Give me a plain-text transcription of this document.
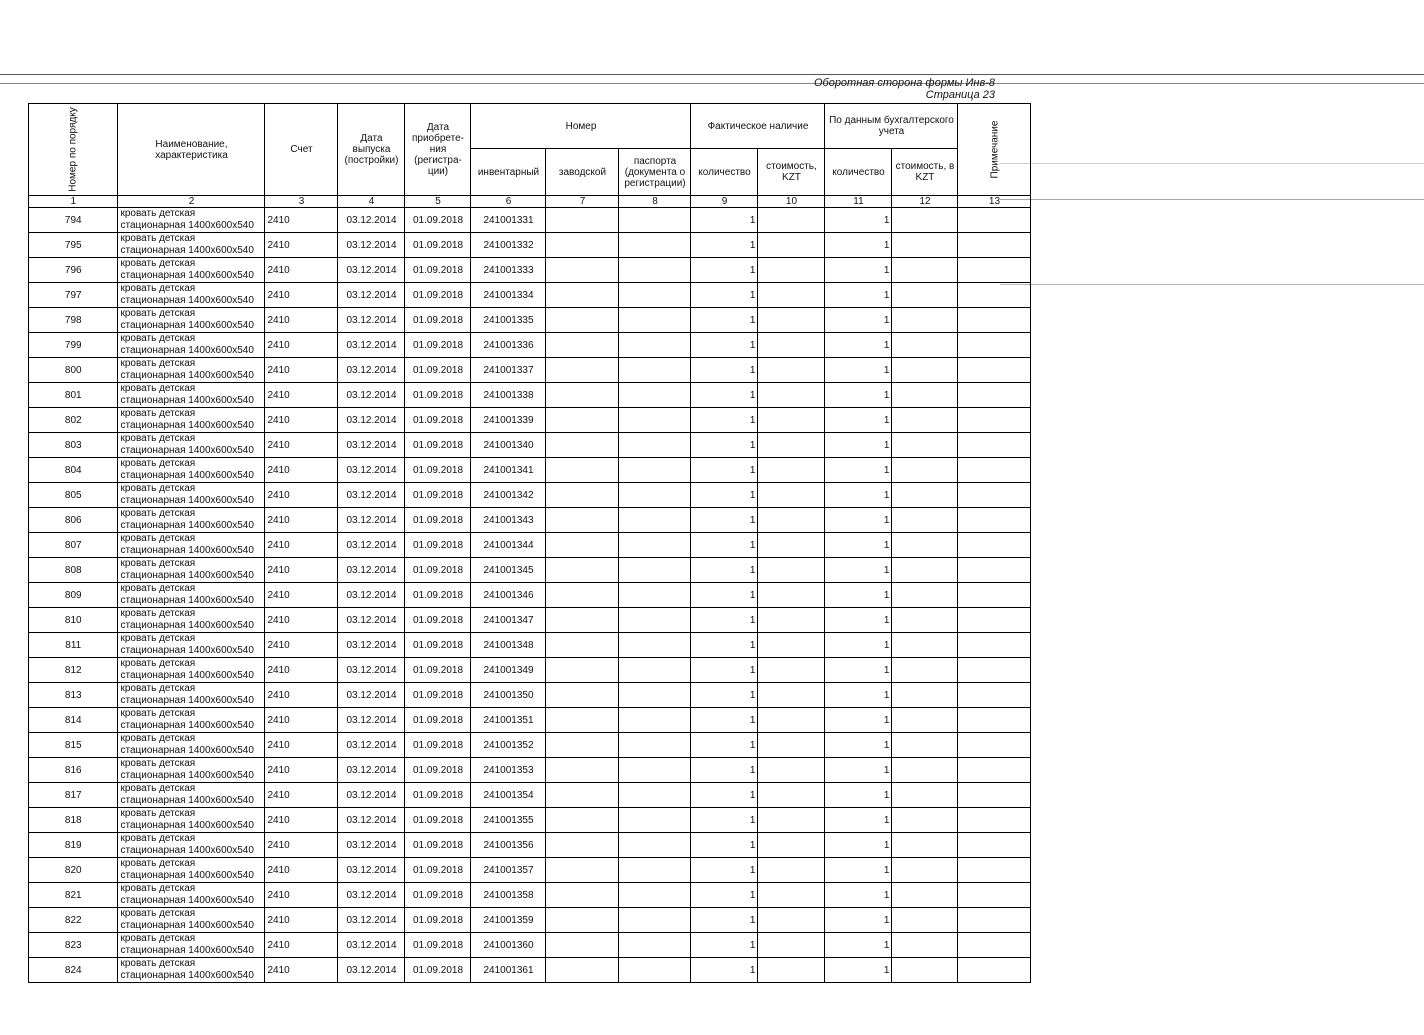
Оборотная сторона формы Инв-8
Страница 23
Номер по порядку	Наименование, характеристика	Счет	Дата выпуска (постройки)	Дата приобрете-ния (регистра-ции)	Номер			Фактическое наличие		По данным бухгалтерского учета		Примечание
					инвентарный	заводской	паспорта (документа о регистрации)	количество	стоимость, KZT	количество	стоимость, в KZT	
1	2	3	4	5	6	7	8	9	10	11	12	13
794	кровать детская
стационарная 1400x600x540	2410	03.12.2014	01.09.2018	241001331			1		1		
795	кровать детская
стационарная 1400x600x540	2410	03.12.2014	01.09.2018	241001332			1		1		
796	кровать детская
стационарная 1400x600x540	2410	03.12.2014	01.09.2018	241001333			1		1		
797	кровать детская
стационарная 1400x600x540	2410	03.12.2014	01.09.2018	241001334			1		1		
798	кровать детская
стационарная 1400x600x540	2410	03.12.2014	01.09.2018	241001335			1		1		
799	кровать детская
стационарная 1400x600x540	2410	03.12.2014	01.09.2018	241001336			1		1		
800	кровать детская
стационарная 1400x600x540	2410	03.12.2014	01.09.2018	241001337			1		1		
801	кровать детская
стационарная 1400x600x540	2410	03.12.2014	01.09.2018	241001338			1		1		
802	кровать детская
стационарная 1400x600x540	2410	03.12.2014	01.09.2018	241001339			1		1		
803	кровать детская
стационарная 1400x600x540	2410	03.12.2014	01.09.2018	241001340			1		1		
804	кровать детская
стационарная 1400x600x540	2410	03.12.2014	01.09.2018	241001341			1		1		
805	кровать детская
стационарная 1400x600x540	2410	03.12.2014	01.09.2018	241001342			1		1		
806	кровать детская
стационарная 1400x600x540	2410	03.12.2014	01.09.2018	241001343			1		1		
807	кровать детская
стационарная 1400x600x540	2410	03.12.2014	01.09.2018	241001344			1		1		
808	кровать детская
стационарная 1400x600x540	2410	03.12.2014	01.09.2018	241001345			1		1		
809	кровать детская
стационарная 1400x600x540	2410	03.12.2014	01.09.2018	241001346			1		1		
810	кровать детская
стационарная 1400x600x540	2410	03.12.2014	01.09.2018	241001347			1		1		
811	кровать детская
стационарная 1400x600x540	2410	03.12.2014	01.09.2018	241001348			1		1		
812	кровать детская
стационарная 1400x600x540	2410	03.12.2014	01.09.2018	241001349			1		1		
813	кровать детская
стационарная 1400x600x540	2410	03.12.2014	01.09.2018	241001350			1		1		
814	кровать детская
стационарная 1400x600x540	2410	03.12.2014	01.09.2018	241001351			1		1		
815	кровать детская
стационарная 1400x600x540	2410	03.12.2014	01.09.2018	241001352			1		1		
816	кровать детская
стационарная 1400x600x540	2410	03.12.2014	01.09.2018	241001353			1		1		
817	кровать детская
стационарная 1400x600x540	2410	03.12.2014	01.09.2018	241001354			1		1		
818	кровать детская
стационарная 1400x600x540	2410	03.12.2014	01.09.2018	241001355			1		1		
819	кровать детская
стационарная 1400x600x540	2410	03.12.2014	01.09.2018	241001356			1		1		
820	кровать детская
стационарная 1400x600x540	2410	03.12.2014	01.09.2018	241001357			1		1		
821	кровать детская
стационарная 1400x600x540	2410	03.12.2014	01.09.2018	241001358			1		1		
822	кровать детская
стационарная 1400x600x540	2410	03.12.2014	01.09.2018	241001359			1		1		
823	кровать детская
стационарная 1400x600x540	2410	03.12.2014	01.09.2018	241001360			1		1		
824	кровать детская
стационарная 1400x600x540	2410	03.12.2014	01.09.2018	241001361			1		1		
